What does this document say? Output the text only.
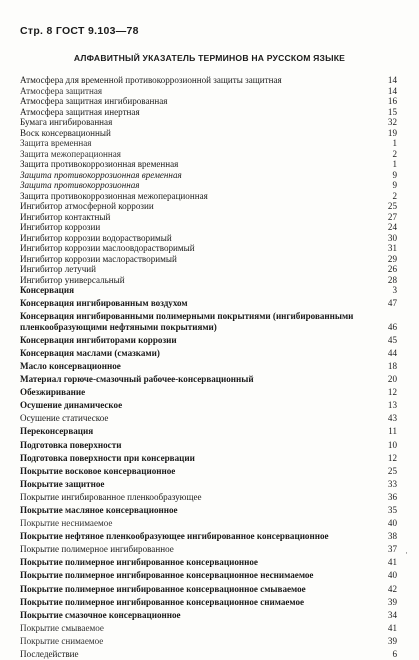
Стр. 8 ГОСТ 9.103—78
АЛФАВИТНЫЙ УКАЗАТЕЛЬ ТЕРМИНОВ НА РУССКОМ ЯЗЫКЕ
Атмосфера для временной противокоррозионной защиты защитная	14
Атмосфера защитная	14
Атмосфера защитная ингибированная	16
Атмосфера защитная инертная	15
Бумага ингибированная	32
Воск консервационный	19
Защита временная	1
Защита межоперационная	2
Защита противокоррозионная временная	1
Защита противокоррозионная временная	9
Защита противокоррозионная	9
Защита противокоррозионная межоперационная	2
Ингибитор атмосферной коррозии	25
Ингибитор контактный	27
Ингибитор коррозии	24
Ингибитор коррозии водорастворимый	30
Ингибитор коррозии маслоовдорастворимый	31
Ингибитор коррозии маслорастворимый	29
Ингибитор летучий	26
Ингибитор универсальный	28
Консервация	3
Консервация ингибированным воздухом	47
Консервация ингибированными полимерными покрытиями (ингибированными пленкообразующими нефтяными покрытиями)	46
Консервация ингибиторами коррозии	45
Консервация маслами (смазками)	44
Масло консервационное	18
Материал горюче-смазочный рабочее-консервационный	20
Обезжиривание	12
Осушение динамическое	13
Осушение статическое	43
Переконсервация	11
Подготовка поверхности	10
Подготовка поверхности при консервации	12
Покрытие восковое консервационное	25
Покрытие защитное	33
Покрытие ингибированное пленкообразующее	36
Покрытие масляное консервационное	35
Покрытие неснимаемое	40
Покрытие нефтяное пленкообразующее ингибированное консервационное	38
Покрытие полимерное ингибированное	37
Покрытие полимерное ингибированное консервационное	41
Покрытие полимерное ингибированное консервационное неснимаемое	40
Покрытие полимерное ингибированное консервационное смываемое	42
Покрытие полимерное ингибированное консервационное снимаемое	39
Покрытие смазочное консервационное	34
Покрытие смываемое	41
Покрытие снимаемое	39
Последействие	6
·
